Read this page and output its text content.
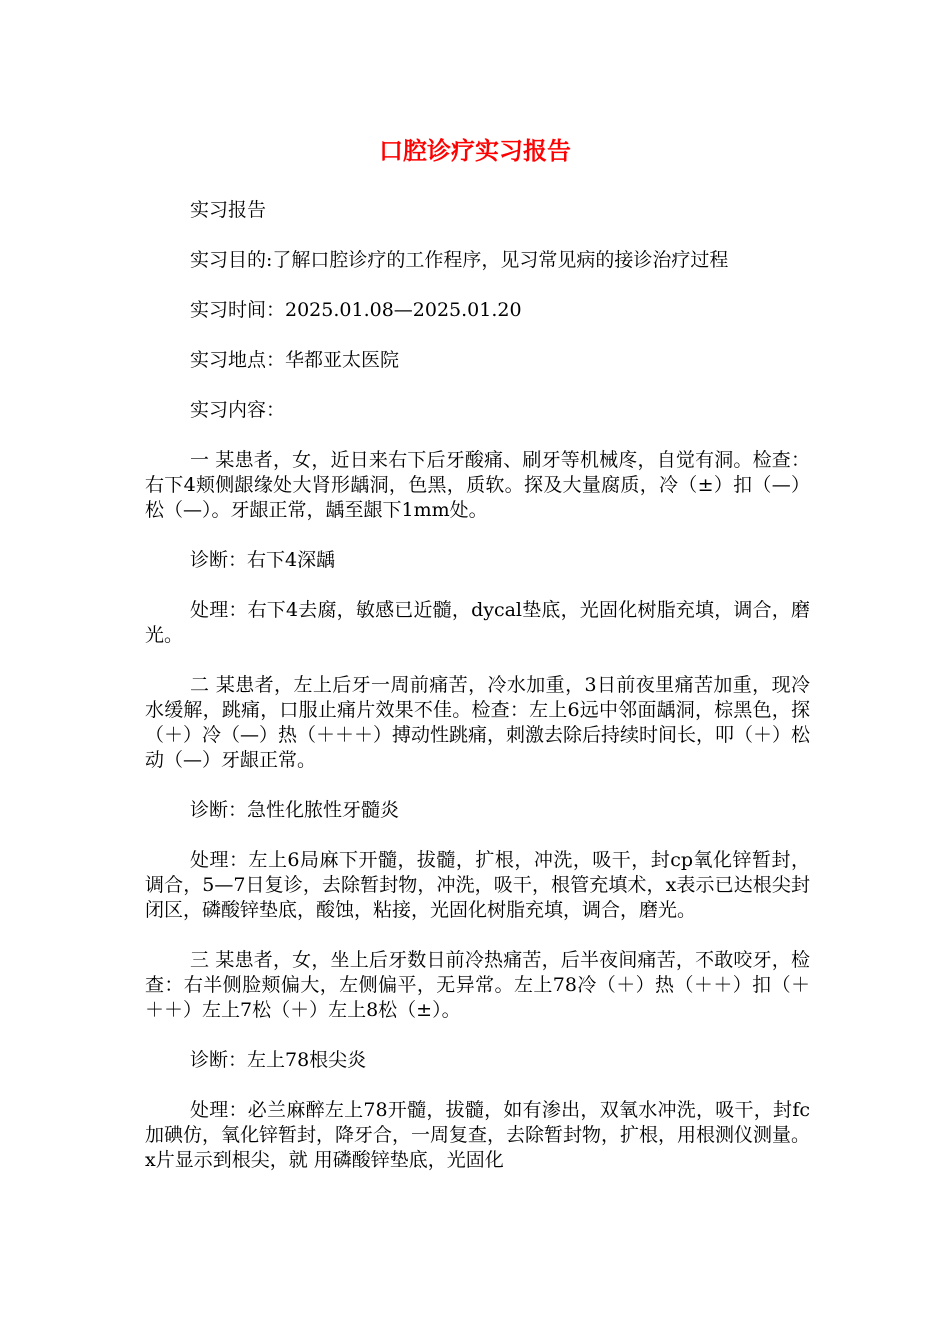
口腔诊疗实习报告

实习报告

实习目的:了解口腔诊疗的工作程序，见习常见病的接诊治疗过程

实习时间：2025.01.08—2025.01.20

实习地点：华都亚太医院

实习内容：

一 某患者，女，近日来右下后牙酸痛、刷牙等机械庝，自觉有洞。检查：右下4颊侧龈缘处大肾形龋洞，色黑，质软。探及大量腐质，冷（±）扣（—）松（—）。牙龈正常，龋至龈下1mm处。

诊断：右下4深龋

处理：右下4去腐，敏感已近髓，dycal垫底，光固化树脂充填，调合，磨光。

二 某患者，左上后牙一周前痛苦，冷水加重，3日前夜里痛苦加重，现冷水缓解，跳痛，口服止痛片效果不佳。检查：左上6远中邻面龋洞，棕黑色，探（＋）冷（—）热（＋＋＋）搏动性跳痛，刺激去除后持续时间长，叩（＋）松动（—）牙龈正常。

诊断：急性化脓性牙髓炎

处理：左上6局麻下开髓，拔髓，扩根，冲洗，吸干，封cp氧化锌暂封，调合，5—7日复诊，去除暂封物，冲洗，吸干，根管充填术，x表示已达根尖封闭区，磷酸锌垫底，酸蚀，粘接，光固化树脂充填，调合，磨光。

三 某患者，女，坐上后牙数日前冷热痛苦，后半夜间痛苦，不敢咬牙，检查：右半侧脸颊偏大，左侧偏平，无异常。左上78冷（＋）热（＋＋）扣（＋＋＋）左上7松（＋）左上8松（±）。

诊断：左上78根尖炎

处理：必兰麻醉左上78开髓，拔髓，如有渗出，双氧水冲洗，吸干，封fc加碘仿，氧化锌暂封，降牙合，一周复查，去除暂封物，扩根，用根测仪测量。x片显示到根尖，就 用磷酸锌垫底，光固化
